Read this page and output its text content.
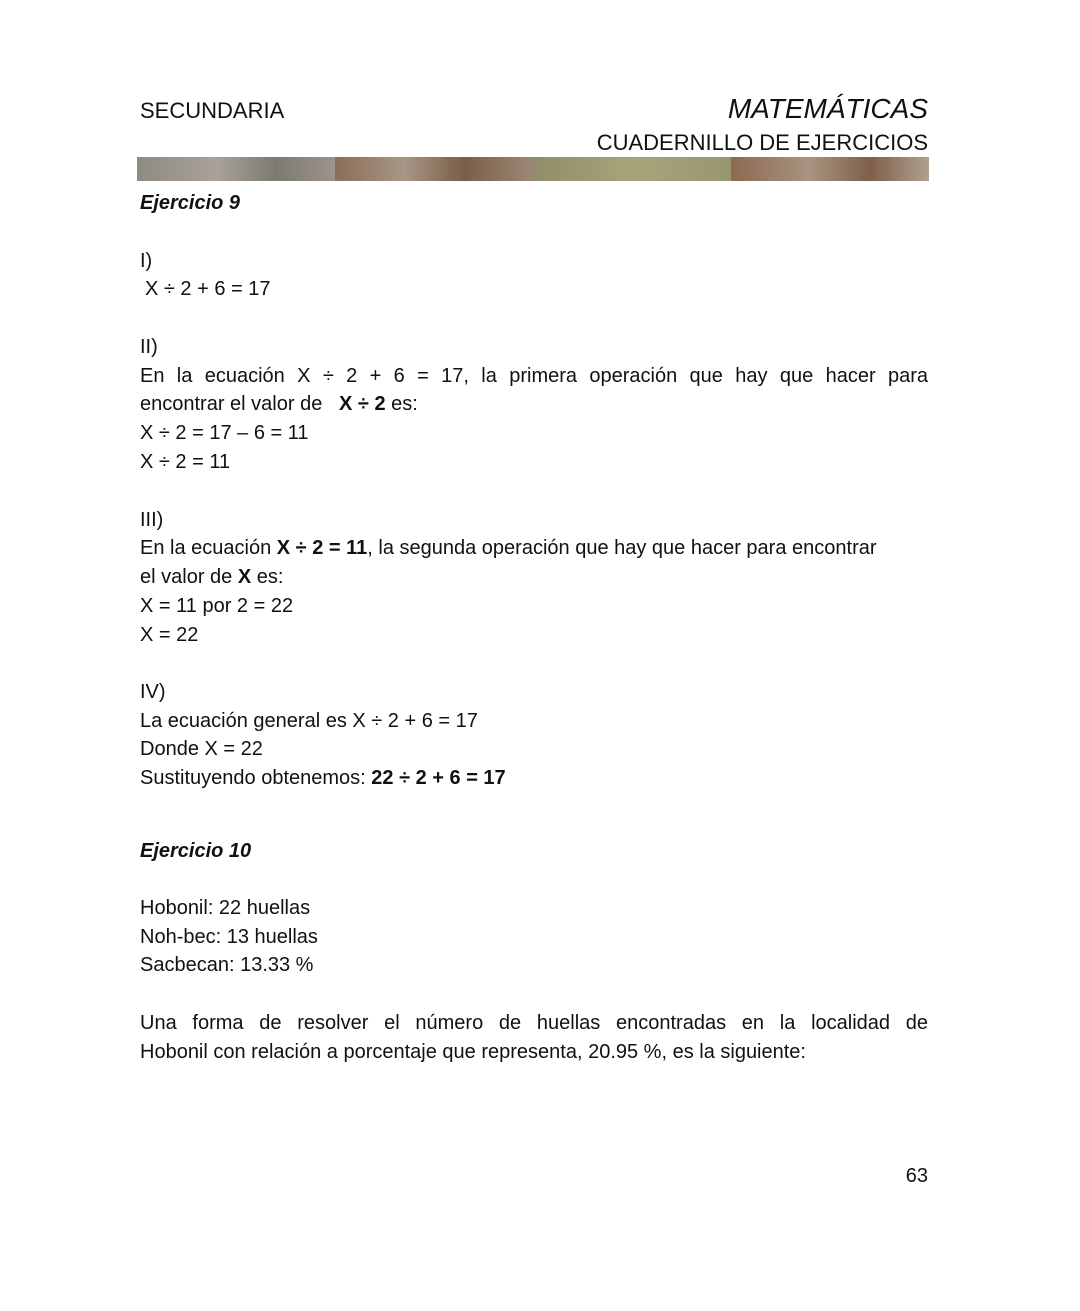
SECUNDARIA	MATEMÁTICAS
CUADERNILLO DE EJERCICIOS
Ejercicio 9
I)
X ÷ 2 + 6 = 17
II)
En la ecuación X ÷ 2 + 6 = 17, la primera operación que hay que hacer para
encontrar el valor de   X ÷ 2 es:
X ÷ 2 = 17 – 6 = 11
X ÷ 2 = 11
III)
En la ecuación X ÷ 2 = 11, la segunda operación que hay que hacer para encontrar
el valor de X es:
X = 11 por 2 = 22
X = 22
IV)
La ecuación general es X ÷ 2 + 6 = 17
Donde X = 22
Sustituyendo obtenemos: 22 ÷ 2 + 6 = 17
Ejercicio 10
Hobonil: 22 huellas
Noh-bec: 13 huellas
Sacbecan: 13.33 %
Una forma de resolver el número de huellas encontradas en la localidad de
Hobonil con relación a porcentaje que representa, 20.95 %, es la siguiente:
63
